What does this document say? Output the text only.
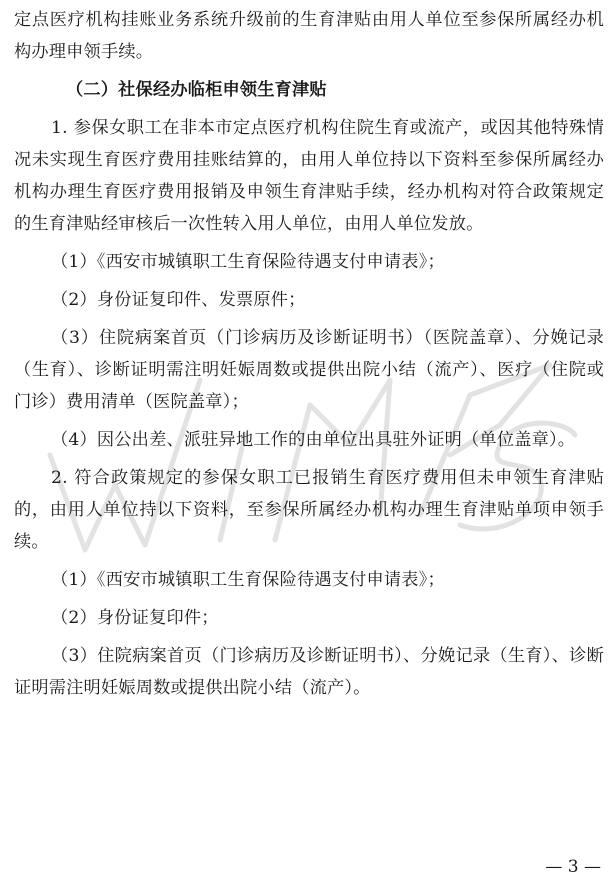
定点医疗机构挂账业务系统升级前的生育津贴由用人单位至参保所属经办机构办理申领手续。

（二）社保经办临柜申领生育津贴

1. 参保女职工在非本市定点医疗机构住院生育或流产，或因其他特殊情况未实现生育医疗费用挂账结算的，由用人单位持以下资料至参保所属经办机构办理生育医疗费用报销及申领生育津贴手续，经办机构对符合政策规定的生育津贴经审核后一次性转入用人单位，由用人单位发放。

（1）《西安市城镇职工生育保险待遇支付申请表》；

（2）身份证复印件、发票原件；

（3）住院病案首页（门诊病历及诊断证明书）（医院盖章）、分娩记录（生育）、诊断证明需注明妊娠周数或提供出院小结（流产）、医疗（住院或门诊）费用清单（医院盖章）；

（4）因公出差、派驻异地工作的由单位出具驻外证明（单位盖章）。

2. 符合政策规定的参保女职工已报销生育医疗费用但未申领生育津贴的，由用人单位持以下资料，至参保所属经办机构办理生育津贴单项申领手续。

（1）《西安市城镇职工生育保险待遇支付申请表》；

（2）身份证复印件；

（3）住院病案首页（门诊病历及诊断证明书）、分娩记录（生育）、诊断证明需注明妊娠周数或提供出院小结（流产）。

— 3 —
